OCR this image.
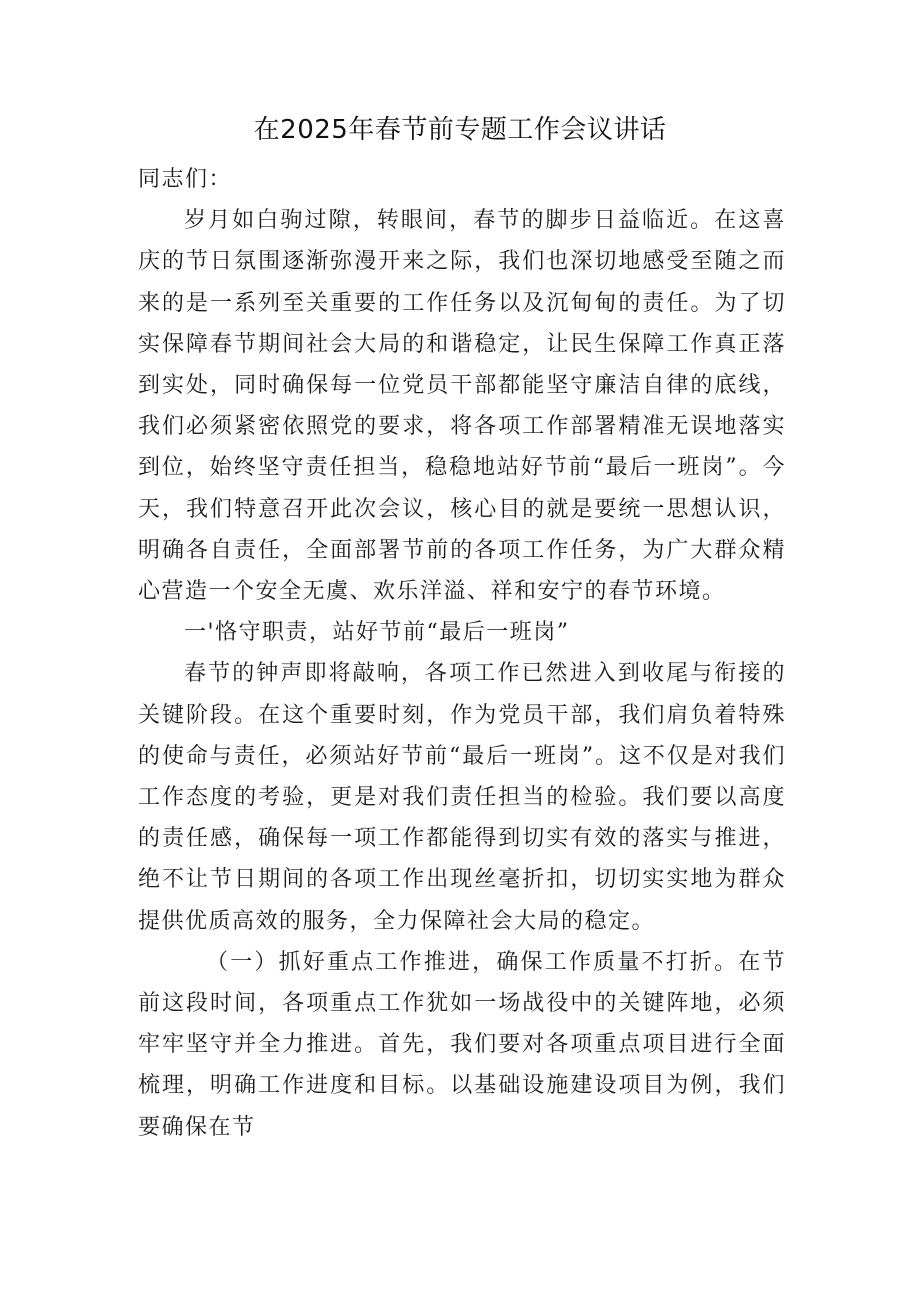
在2025年春节前专题工作会议讲话

同志们：

岁月如白驹过隙，转眼间，春节的脚步日益临近。在这喜庆的节日氛围逐渐弥漫开来之际，我们也深切地感受至随之而来的是一系列至关重要的工作任务以及沉甸甸的责任。为了切实保障春节期间社会大局的和谐稳定，让民生保障工作真正落到实处，同时确保每一位党员干部都能坚守廉洁自律的底线，我们必须紧密依照党的要求，将各项工作部署精准无误地落实到位，始终坚守责任担当，稳稳地站好节前“最后一班岗”。今天，我们特意召开此次会议，核心目的就是要统一思想认识，明确各自责任，全面部署节前的各项工作任务，为广大群众精心营造一个安全无虞、欢乐洋溢、祥和安宁的春节环境。

一'恪守职责，站好节前“最后一班岗”

春节的钟声即将敲响，各项工作已然进入到收尾与衔接的关键阶段。在这个重要时刻，作为党员干部，我们肩负着特殊的使命与责任，必须站好节前“最后一班岗”。这不仅是对我们工作态度的考验，更是对我们责任担当的检验。我们要以高度的责任感，确保每一项工作都能得到切实有效的落实与推进，绝不让节日期间的各项工作出现丝毫折扣，切切实实地为群众提供优质高效的服务，全力保障社会大局的稳定。

（一）抓好重点工作推进，确保工作质量不打折。在节前这段时间，各项重点工作犹如一场战役中的关键阵地，必须牢牢坚守并全力推进。首先，我们要对各项重点项目进行全面梳理，明确工作进度和目标。以基础设施建设项目为例，我们要确保在节
